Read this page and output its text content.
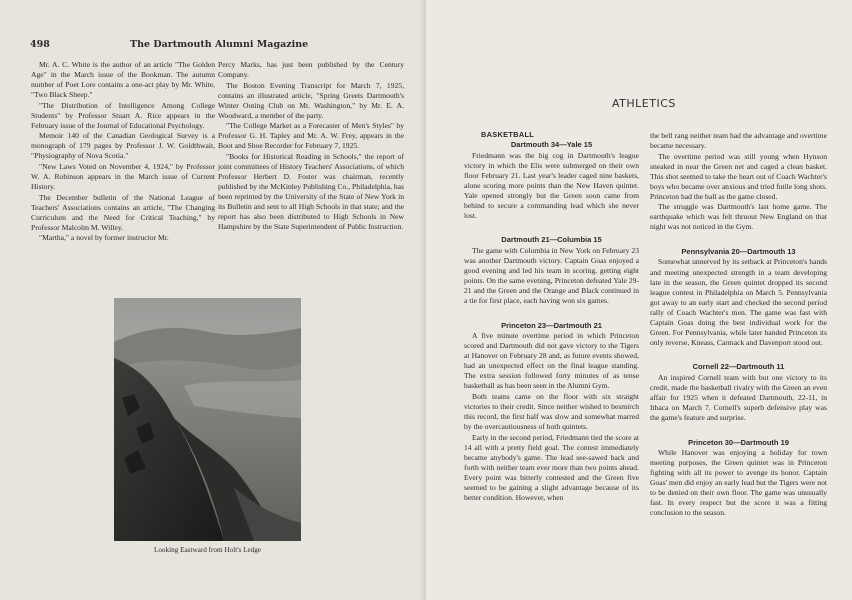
498	The Dartmouth Alumni Magazine

Mr. A. C. White is the author of an article "The Golden Age" in the March issue of the Bookman. The autumn number of Poet Lore contains a one-act play by Mr. White, "Two Black Sheep."

"The Distribution of Intelligence Among College Students" by Professor Stuart A. Rice appears in the February issue of the Journal of Educational Psychology.

Memoir 140 of the Canadian Geological Survey is a monograph of 179 pages by Professor J. W. Goldthwait, "Physiography of Nova Scotia."

"New Laws Voted on November 4, 1924," by Professor W. A. Robinson appears in the March issue of Current History.

The December bulletin of the National League of Teachers' Associations contains an article, "The Changing Curriculum and the Need for Critical Teaching," by Professor Malcolm M. Willey.

"Martha," a novel by former instructor Mr.

Percy Marks, has just been published by the Century Company.

The Boston Evening Transcript for March 7, 1925, contains an illustrated article, "Spring Greets Dartmouth's Winter Outing Club on Mt. Washington," by Mr. E. A. Woodward, a member of the party.

"The College Market as a Forecaster of Men's Styles" by Professor G. H. Tapley and Mr. A. W. Frey, appears in the Boot and Shoe Recorder for February 7, 1925.

"Books for Historical Reading in Schools," the report of joint committees of History Teachers' Associations, of which Professor Herbert D. Foster was chairman, recently published by the McKinley Publishing Co., Philadelphia, has been reprinted by the University of the State of New York in its Bulletin and sent to all High Schools in that state; and the report has also been distributed to High Schools in New Hampshire by the State Superintendent of Public Instruction.

Looking Eastward from Holt's Ledge
ATHLETICS
BASKETBALL

Dartmouth 34—Yale 15

Friedmann was the big cog in Dartmouth's league victory in which the Elis were submerged on their own floor February 21. Last year's leader caged nine baskets, alone scoring more points than the New Haven quintet. Yale opened strongly but the Green soon came from behind to secure a commanding lead which she never lost.

Dartmouth 21—Columbia 15

The game with Columbia in New York on February 23 was another Dartmouth victory. Captain Goas enjoyed a good evening and led his team in scoring, getting eight points. On the same evening, Princeton defeated Yale 29-21 and the Green and the Orange and Black continued in a tie for first place, each having won six games.

Princeton 23—Dartmouth 21

A five minute overtime period in which Princeton scored and Dartmouth did not gave victory to the Tigers at Hanover on February 28 and, as future events showed, had an unexpected effect on the final league standing. The extra session followed forty minutes of as tense basketball as has been seen in the Alumni Gym.

Both teams came on the floor with six straight victories to their credit. Since neither wished to besmirch this record, the first half was slow and somewhat marred by the overcautiousness of both quintets.

Early in the second period, Friedmann tied the score at 14 all with a pretty field goal. The contest immediately became anybody's game. The lead see-sawed back and forth with neither team ever more than two points ahead. Every point was bitterly contested and the Green five seemed to be gaining a slight advantage because of its better condition. However, when

the bell rang neither team had the advantage and overtime became necessary.

The overtime period was still young when Hynson sneaked in near the Green net and caged a clean basket. This shot seemed to take the heart out of Coach Wachter's boys who became over anxious and tried futile long shots. Princeton had the ball as the game closed.

The struggle was Dartmouth's last home game. The earthquake which was felt thruout New England on that night was not noticed in the Gym.

Pennsylvania 20—Dartmouth 13

Somewhat unnerved by its setback at Princeton's hands and meeting unexpected strength in a team developing late in the season, the Green quintet dropped its second league contest in Philadelphia on March 5. Pennsylvania got away to an early start and checked the second period rally of Coach Wachter's men. The game was fast with Captain Goas doing the best individual work for the Green. For Pennsylvania, while later handed Princeton its only reverse, Kneass, Carmack and Davenport stood out.

Cornell 22—Dartmouth 11

An inspired Cornell team with but one victory to its credit, made the basketball rivalry with the Green an even affair for 1925 when it defeated Dartmouth, 22-11, in Ithaca on March 7. Cornell's superb defensive play was the game's feature and surprise.

Princeton 30—Dartmouth 19

While Hanover was enjoying a holiday for town meeting purposes, the Green quintet was in Princeton fighting with all its power to avenge its honor. Captain Goas' men did enjoy an early lead but the Tigers were not to be denied on their own floor. The game was unusually fast. In every respect but the score it was a fitting conclusion to the season.
